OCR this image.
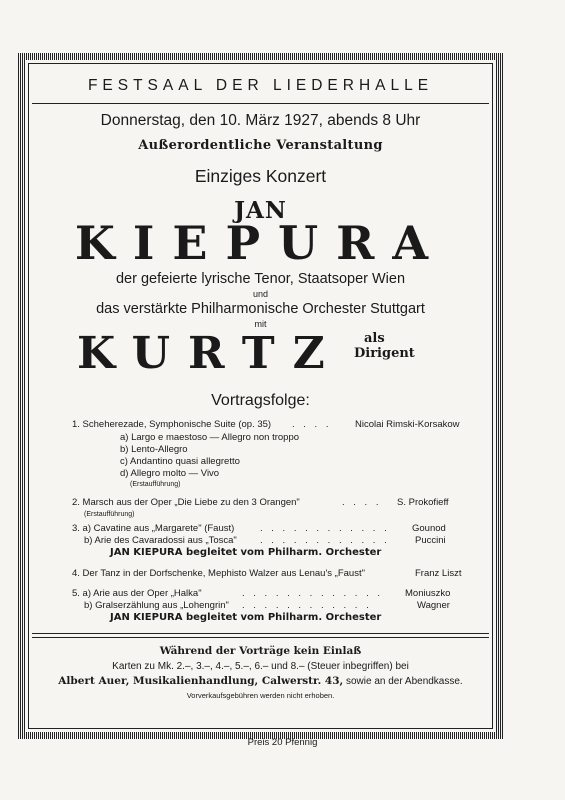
FESTSAAL DER LIEDERHALLE
Donnerstag, den 10. März 1927, abends 8 Uhr
Außerordentliche Veranstaltung
Einziges Konzert
JAN
KIEPURA
der gefeierte lyrische Tenor, Staatsoper Wien
und
das verstärkte Philharmonische Orchester Stuttgart
mit
KURTZ	als
Dirigent
Vortragsfolge:
1. Scheherezade, Symphonische Suite (op. 35) . . . . Nicolai Rimski-Korsakow
a) Largo e maestoso — Allegro non troppo
b) Lento-Allegro
c) Andantino quasi allegretto
d) Allegro molto — Vivo
(Erstaufführung)
2. Marsch aus der Oper „Die Liebe zu den 3 Orangen"	. . . . S. Prokofieff
(Erstaufführung)
3. a) Cavatine aus „Margarete" (Faust)	. . . . . . . . . . . . Gounod
b) Arie des Cavaradossi aus „Tosca" . . . . . . . . . . . .	Puccini
JAN KIEPURA begleitet vom Philharm. Orchester
4. Der Tanz in der Dorfschenke, Mephisto Walzer aus Lenau's „Faust"	Franz Liszt
5. a) Arie aus der Oper „Halka"	. . . . . . . . . . . . . Moniuszko
b) Gralserzählung aus „Lohengrin" . . . . . . . . . . . .	Wagner
JAN KIEPURA begleitet vom Philharm. Orchester
Während der Vorträge kein Einlaß
Karten zu Mk. 2.–, 3.–, 4.–, 5.–, 6.– und 8.– (Steuer inbegriffen) bei
Albert Auer, Musikalienhandlung, Calwerstr. 43, sowie an der Abendkasse.
Vorverkaufsgebühren werden nicht erhoben.
Preis 20 Pfennig
